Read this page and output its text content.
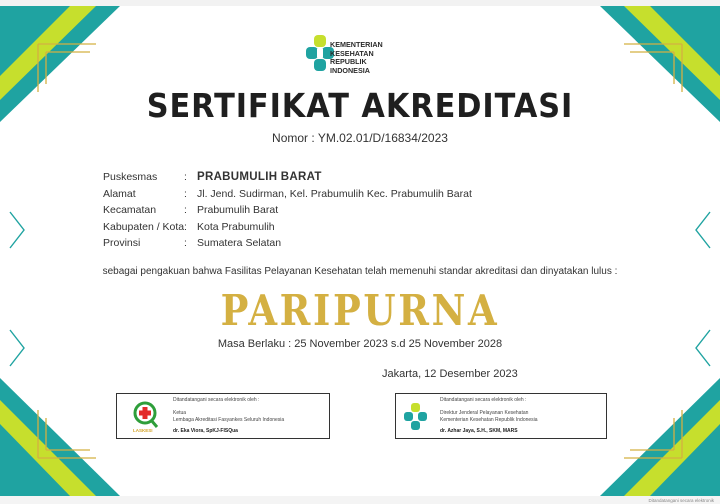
KEMENTERIAN
KESEHATAN
REPUBLIK
INDONESIA
SERTIFIKAT AKREDITASI
Nomor : YM.02.01/D/16834/2023
Puskesmas	: PRABUMULIH BARAT
Alamat	: Jl. Jend. Sudirman, Kel. Prabumulih Kec. Prabumulih Barat
Kecamatan	: Prabumulih Barat
Kabupaten / Kota : Kota Prabumulih
Provinsi	: Sumatera Selatan
sebagai pengakuan bahwa Fasilitas Pelayanan Kesehatan telah memenuhi standar akreditasi dan dinyatakan lulus :
PARIPURNA
Masa Berlaku : 25 November 2023 s.d 25 November 2028
Jakarta, 12 Desember 2023
LASKESI
Ditandatangani secara elektronik oleh :
Ketua
Lembaga Akreditasi Fasyankes Seluruh Indonesia
dr. Eka Viora, SpKJ-FISQua
Ditandatangani secara elektronik oleh :
Direktur Jenderal Pelayanan Kesehatan
Kementerian Kesehatan Republik Indonesia
dr. Azhar Jaya, S.H., SKM, MARS
Ditandatangani secara elektronik
